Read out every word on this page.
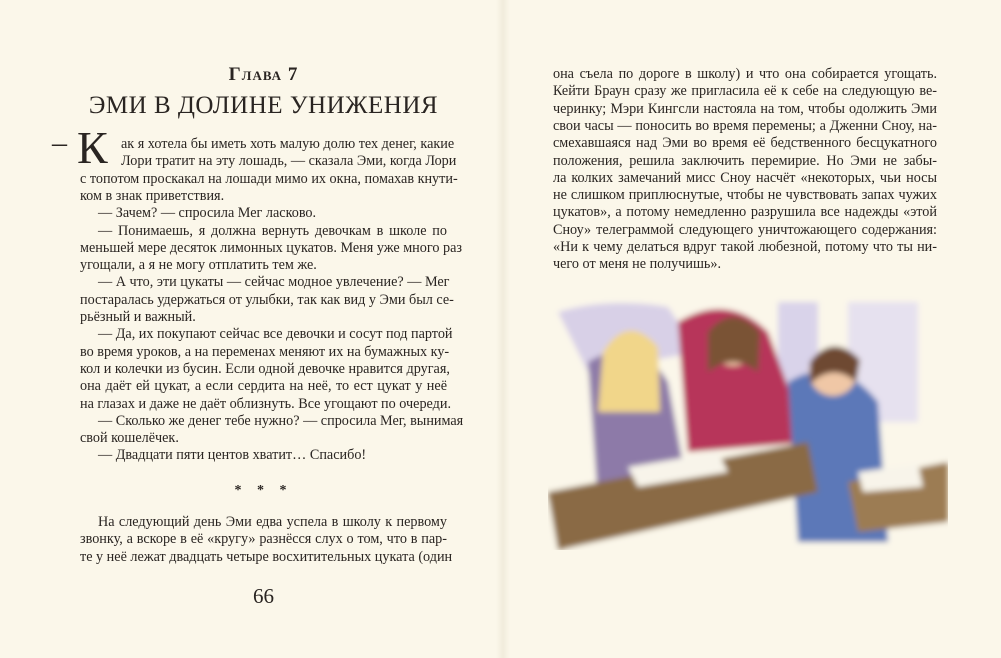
Глава 7
ЭМИ В ДОЛИНЕ УНИЖЕНИЯ
– К ак я хотела бы иметь хоть малую долю тех денег, какие
Лори тратит на эту лошадь, — сказала Эми, когда Лори
с топотом проскакал на лошади мимо их окна, помахав кнути-
ком в знак приветствия.
— Зачем? — спросила Мег ласково.
— Понимаешь, я должна вернуть девочкам в школе по
меньшей мере десяток лимонных цукатов. Меня уже много раз
угощали, а я не могу отплатить тем же.
— А что, эти цукаты — сейчас модное увлечение? — Мег
постаралась удержаться от улыбки, так как вид у Эми был се-
рьёзный и важный.
— Да, их покупают сейчас все девочки и сосут под партой
во время уроков, а на переменах меняют их на бумажных ку-
кол и колечки из бусин. Если одной девочке нравится другая,
она даёт ей цукат, а если сердита на неё, то ест цукат у неё
на глазах и даже не даёт облизнуть. Все угощают по очереди.
— Сколько же денег тебе нужно? — спросила Мег, вынимая
свой кошелёчек.
— Двадцати пяти центов хватит… Спасибо!
* * *
На следующий день Эми едва успела в школу к первому
звонку, а вскоре в её «кругу» разнёсся слух о том, что в пар-
те у неё лежат двадцать четыре восхитительных цуката (один
66
она съела по дороге в школу) и что она собирается угощать.
Кейти Браун сразу же пригласила её к себе на следующую ве-
черинку; Мэри Кингсли настояла на том, чтобы одолжить Эми
свои часы — поносить во время перемены; а Дженни Сноу, на-
смехавшаяся над Эми во время её бедственного бесцукатного
положения, решила заключить перемирие. Но Эми не забы-
ла колких замечаний мисс Сноу насчёт «некоторых, чьи носы
не слишком приплюснутые, чтобы не чувствовать запах чужих
цукатов», а потому немедленно разрушила все надежды «этой
Сноу» телеграммой следующего уничтожающего содержания:
«Ни к чему делаться вдруг такой любезной, потому что ты ни-
чего от меня не получишь».
